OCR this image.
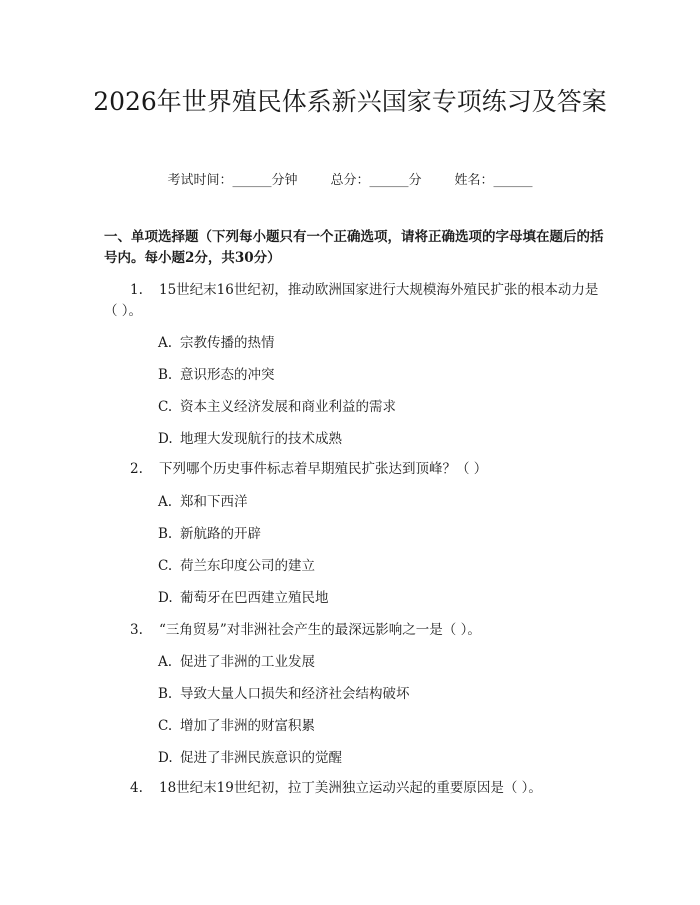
2026年世界殖民体系新兴国家专项练习及答案
考试时间：______分钟        总分：______分        姓名：______
一、单项选择题（下列每小题只有一个正确选项，请将正确选项的字母填在题后的括号内。每小题2分，共30分）
1.	15世纪末16世纪初，推动欧洲国家进行大规模海外殖民扩张的根本动力是（ ）。
A. 宗教传播的热情
B. 意识形态的冲突
C. 资本主义经济发展和商业利益的需求
D. 地理大发现航行的技术成熟
2. 下列哪个历史事件标志着早期殖民扩张达到顶峰？（ ）
A. 郑和下西洋
B. 新航路的开辟
C. 荷兰东印度公司的建立
D. 葡萄牙在巴西建立殖民地
3. “三角贸易”对非洲社会产生的最深远影响之一是（ ）。
A. 促进了非洲的工业发展
B. 导致大量人口损失和经济社会结构破坏
C. 增加了非洲的财富积累
D. 促进了非洲民族意识的觉醒
4. 18世纪末19世纪初，拉丁美洲独立运动兴起的重要原因是（ ）。
